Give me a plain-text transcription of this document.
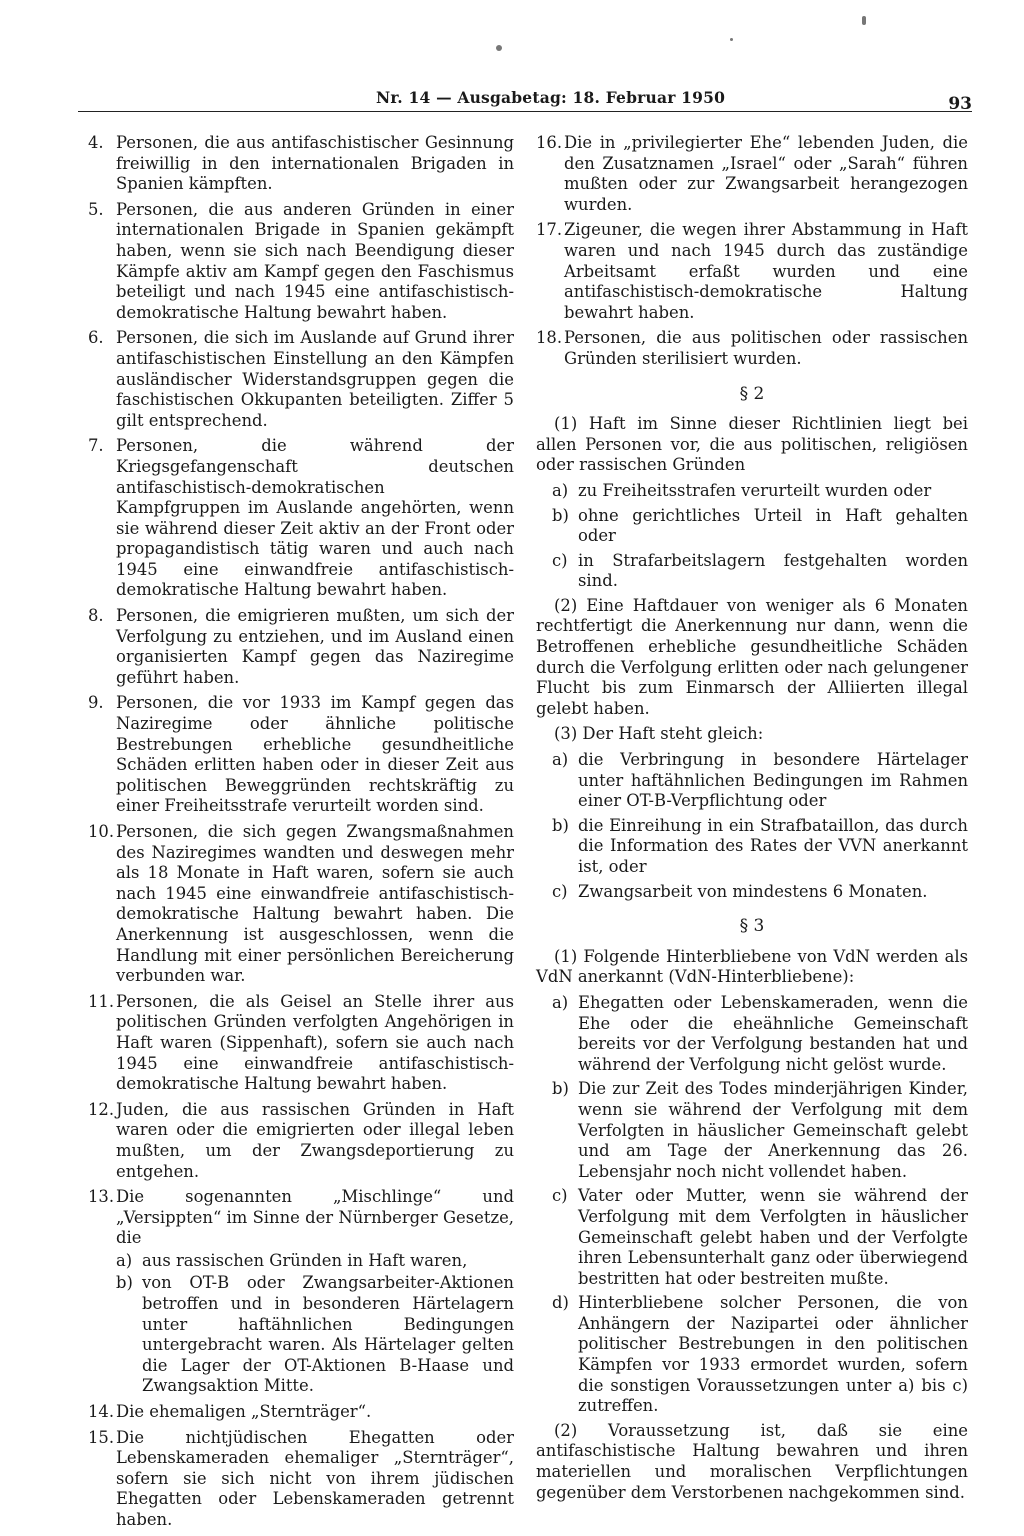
Nr. 14 — Ausgabetag: 18. Februar 1950	93
4. Personen, die aus antifaschistischer Gesinnung freiwillig in den internationalen Brigaden in Spanien kämpften.
5. Personen, die aus anderen Gründen in einer internationalen Brigade in Spanien gekämpft haben, wenn sie sich nach Beendigung dieser Kämpfe aktiv am Kampf gegen den Faschismus beteiligt und nach 1945 eine antifaschistisch-demokratische Haltung bewahrt haben.
6. Personen, die sich im Auslande auf Grund ihrer antifaschistischen Einstellung an den Kämpfen ausländischer Widerstandsgruppen gegen die faschistischen Okkupanten beteiligten. Ziffer 5 gilt entsprechend.
7. Personen, die während der Kriegsgefangenschaft deutschen antifaschistisch-demokratischen Kampfgruppen im Auslande angehörten, wenn sie während dieser Zeit aktiv an der Front oder propagandistisch tätig waren und auch nach 1945 eine einwandfreie antifaschistisch-demokratische Haltung bewahrt haben.
8. Personen, die emigrieren mußten, um sich der Verfolgung zu entziehen, und im Ausland einen organisierten Kampf gegen das Naziregime geführt haben.
9. Personen, die vor 1933 im Kampf gegen das Naziregime oder ähnliche politische Bestrebungen erhebliche gesundheitliche Schäden erlitten haben oder in dieser Zeit aus politischen Beweggründen rechtskräftig zu einer Freiheitsstrafe verurteilt worden sind.
10. Personen, die sich gegen Zwangsmaßnahmen des Naziregimes wandten und deswegen mehr als 18 Monate in Haft waren, sofern sie auch nach 1945 eine einwandfreie antifaschistisch-demokratische Haltung bewahrt haben. Die Anerkennung ist ausgeschlossen, wenn die Handlung mit einer persönlichen Bereicherung verbunden war.
11. Personen, die als Geisel an Stelle ihrer aus politischen Gründen verfolgten Angehörigen in Haft waren (Sippenhaft), sofern sie auch nach 1945 eine einwandfreie antifaschistisch-demokratische Haltung bewahrt haben.
12. Juden, die aus rassischen Gründen in Haft waren oder die emigrierten oder illegal leben mußten, um der Zwangsdeportierung zu entgehen.
13. Die sogenannten „Mischlinge“ und „Versippten“ im Sinne der Nürnberger Gesetze, die
a) aus rassischen Gründen in Haft waren,
b) von OT-B oder Zwangsarbeiter-Aktionen betroffen und in besonderen Härtelagern unter haftähnlichen Bedingungen untergebracht waren. Als Härtelager gelten die Lager der OT-Aktionen B-Haase und Zwangsaktion Mitte.
14. Die ehemaligen „Sternträger“.
15. Die nichtjüdischen Ehegatten oder Lebenskameraden ehemaliger „Sternträger“, sofern sie sich nicht von ihrem jüdischen Ehegatten oder Lebenskameraden getrennt haben.
16. Die in „privilegierter Ehe“ lebenden Juden, die den Zusatznamen „Israel“ oder „Sarah“ führen mußten oder zur Zwangsarbeit herangezogen wurden.
17. Zigeuner, die wegen ihrer Abstammung in Haft waren und nach 1945 durch das zuständige Arbeitsamt erfaßt wurden und eine antifaschistisch-demokratische Haltung bewahrt haben.
18. Personen, die aus politischen oder rassischen Gründen sterilisiert wurden.
§ 2

(1) Haft im Sinne dieser Richtlinien liegt bei allen Personen vor, die aus politischen, religiösen oder rassischen Gründen

a) zu Freiheitsstrafen verurteilt wurden oder
b) ohne gerichtliches Urteil in Haft gehalten oder
c) in Strafarbeitslagern festgehalten worden sind.

(2) Eine Haftdauer von weniger als 6 Monaten rechtfertigt die Anerkennung nur dann, wenn die Betroffenen erhebliche gesundheitliche Schäden durch die Verfolgung erlitten oder nach gelungener Flucht bis zum Einmarsch der Alliierten illegal gelebt haben.

(3) Der Haft steht gleich:

a) die Verbringung in besondere Härtelager unter haftähnlichen Bedingungen im Rahmen einer OT-B-Verpflichtung oder
b) die Einreihung in ein Strafbataillon, das durch die Information des Rates der VVN anerkannt ist, oder
c) Zwangsarbeit von mindestens 6 Monaten.
§ 3

(1) Folgende Hinterbliebene von VdN werden als VdN anerkannt (VdN-Hinterbliebene):

a) Ehegatten oder Lebenskameraden, wenn die Ehe oder die eheähnliche Gemeinschaft bereits vor der Verfolgung bestanden hat und während der Verfolgung nicht gelöst wurde.
b) Die zur Zeit des Todes minderjährigen Kinder, wenn sie während der Verfolgung mit dem Verfolgten in häuslicher Gemeinschaft gelebt und am Tage der Anerkennung das 26. Lebensjahr noch nicht vollendet haben.
c) Vater oder Mutter, wenn sie während der Verfolgung mit dem Verfolgten in häuslicher Gemeinschaft gelebt haben und der Verfolgte ihren Lebensunterhalt ganz oder überwiegend bestritten hat oder bestreiten mußte.
d) Hinterbliebene solcher Personen, die von Anhängern der Nazipartei oder ähnlicher politischer Bestrebungen in den politischen Kämpfen vor 1933 ermordet wurden, sofern die sonstigen Voraussetzungen unter a) bis c) zutreffen.

(2) Voraussetzung ist, daß sie eine antifaschistische Haltung bewahren und ihren materiellen und moralischen Verpflichtungen gegenüber dem Verstorbenen nachgekommen sind.
